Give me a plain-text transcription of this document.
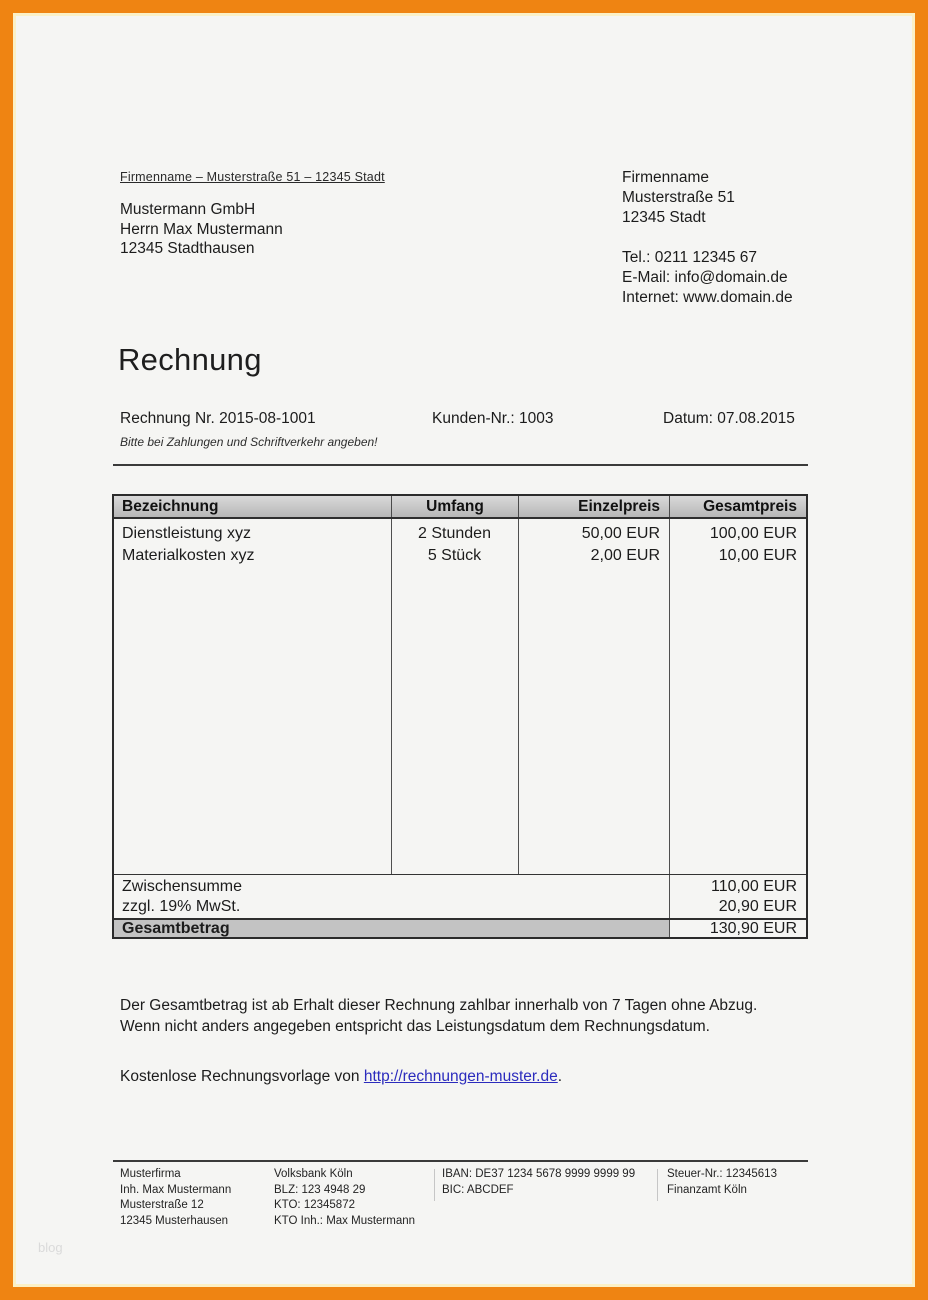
Firmenname – Musterstraße 51 – 12345 Stadt
Mustermann GmbH
Herrn Max Mustermann
12345 Stadthausen
Firmenname
Musterstraße 51
12345 Stadt
Tel.: 0211 12345 67
E-Mail: info@domain.de
Internet: www.domain.de
Rechnung
Rechnung Nr. 2015-08-1001	Kunden-Nr.: 1003	Datum: 07.08.2015
Bitte bei Zahlungen und Schriftverkehr angeben!
Bezeichnung	Umfang	Einzelpreis	Gesamtpreis
Dienstleistung xyz	2 Stunden	50,00 EUR	100,00 EUR
Materialkosten xyz	5 Stück	2,00 EUR	10,00 EUR
Zwischensumme	110,00 EUR
zzgl. 19% MwSt.	20,90 EUR
Gesamtbetrag	130,90 EUR

Der Gesamtbetrag ist ab Erhalt dieser Rechnung zahlbar innerhalb von 7 Tagen ohne Abzug.

Wenn nicht anders angegeben entspricht das Leistungsdatum dem Rechnungsdatum.

Kostenlose Rechnungsvorlage von http://rechnungen-muster.de.
Musterfirma
Inh. Max Mustermann
Musterstraße 12
12345 Musterhausen
Volksbank Köln
BLZ: 123 4948 29
KTO: 12345872
KTO Inh.: Max Mustermann
IBAN: DE37 1234 5678 9999 9999 99
BIC: ABCDEF
Steuer-Nr.: 12345613
Finanzamt Köln
blog
